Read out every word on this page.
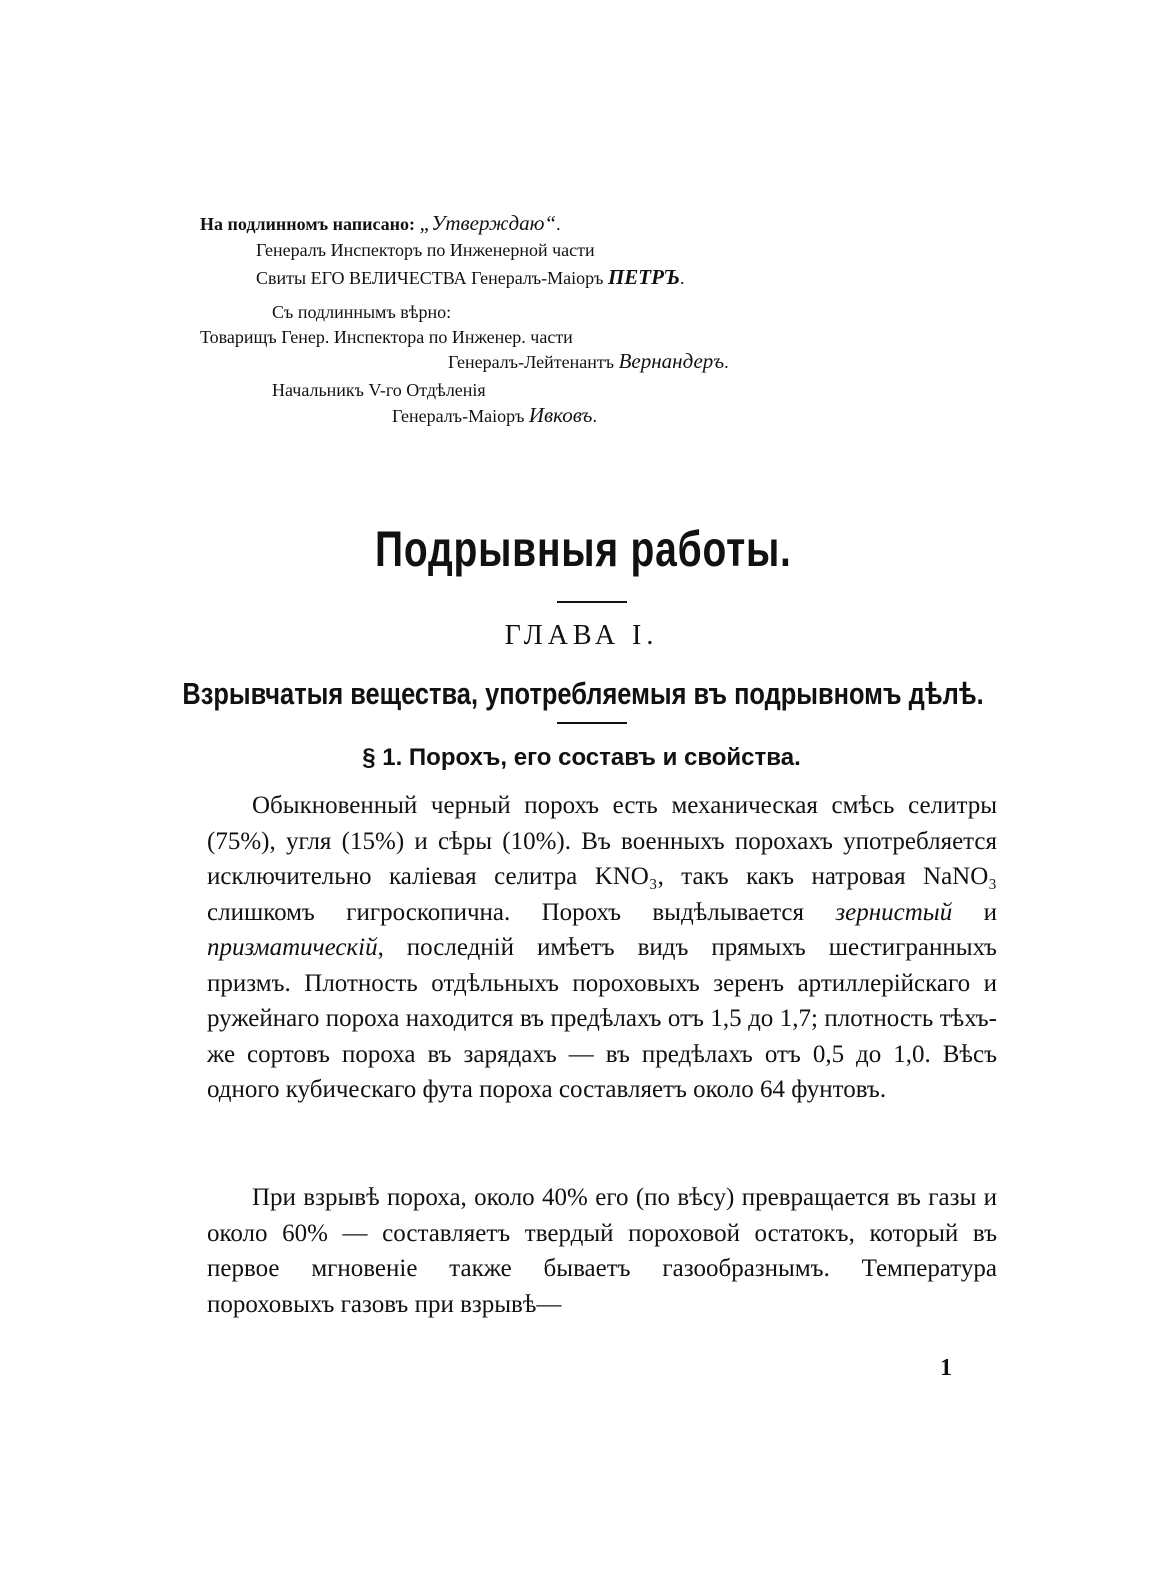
На подлинномъ написано: „Утверждаю“.
Генералъ Инспекторъ по Инженерной части
Свиты ЕГО ВЕЛИЧЕСТВА Генералъ-Маіоръ ПЕТРЪ.
Съ подлиннымъ вѣрно:
Товарищъ Генер. Инспектора по Инженер. части
Генералъ-Лейтенантъ Вернандеръ.
Начальникъ V-го Отдѣленія
Генералъ-Маіоръ Ивковъ.
Подрывныя работы.
ГЛАВА I.
Взрывчатыя вещества, употребляемыя въ подрывномъ дѣлѣ.
§ 1. Порохъ, его составъ и свойства.
Обыкновенный черный порохъ есть механическая смѣсь селитры (75%), угля (15%) и сѣры (10%). Въ военныхъ порохахъ употребляется исключительно каліевая селитра KNO₃, такъ какъ натровая NaNO₃ слишкомъ гигроскопична. Порохъ выдѣлывается зернистый и призматическій, последній имѣетъ видъ прямыхъ шестигранныхъ призмъ. Плотность отдѣльныхъ пороховыхъ зеренъ артиллерійскаго и ружейнаго пороха находится въ предѣлахъ отъ 1,5 до 1,7; плотность тѣхъ-же сортовъ пороха въ зарядахъ — въ предѣлахъ отъ 0,5 до 1,0. Вѣсъ одного кубическаго фута пороха составляетъ около 64 фунтовъ.
При взрывѣ пороха, около 40% его (по вѣсу) превращается въ газы и около 60% — составляетъ твердый пороховой остатокъ, который въ первое мгновеніе также бываетъ газообразнымъ. Температура пороховыхъ газовъ при взрывѣ—
1
